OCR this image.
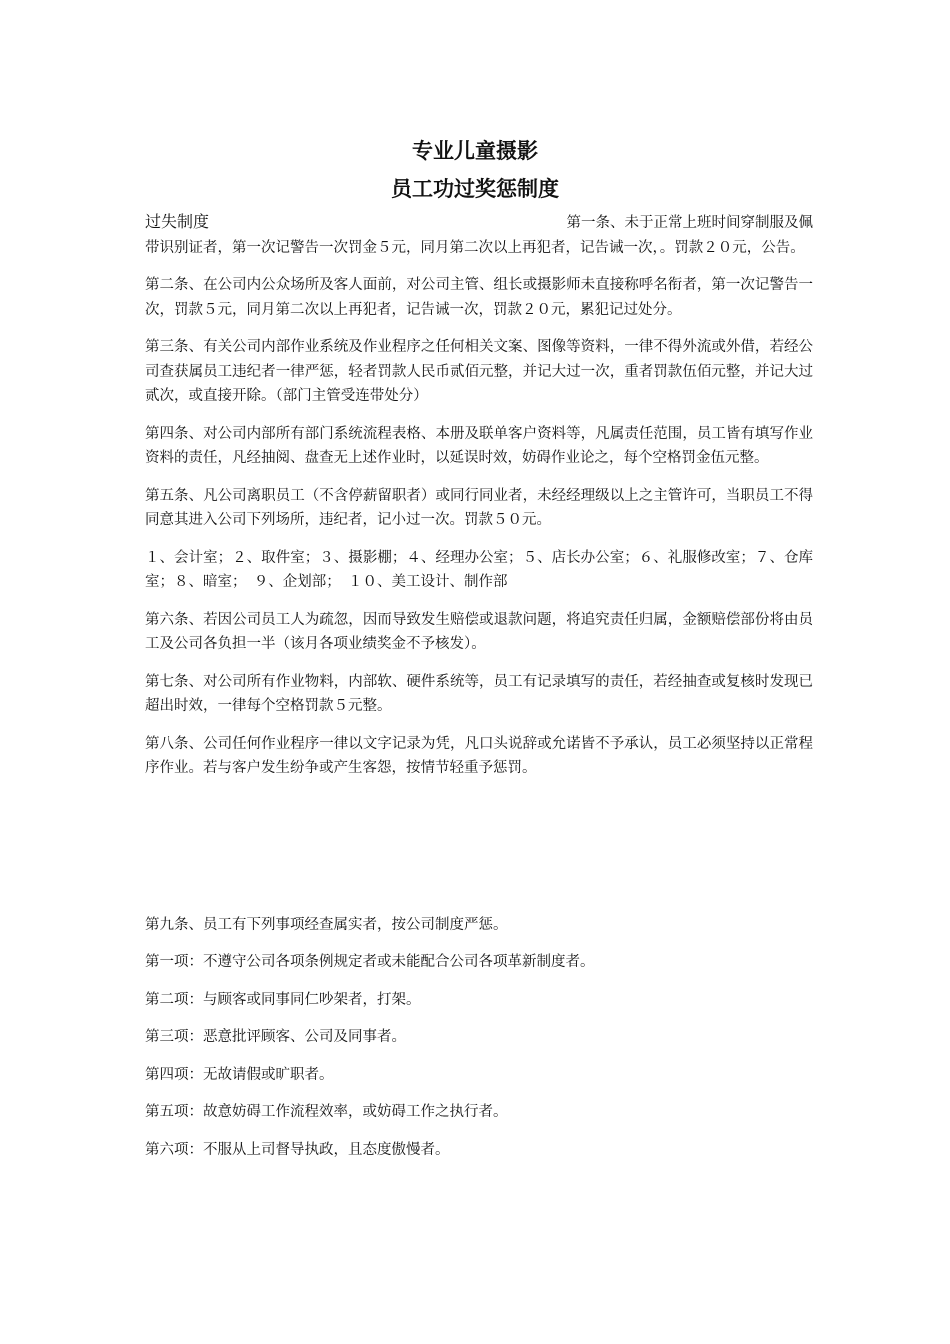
专业儿童摄影
员工功过奖惩制度
过失制度	第一条、未于正常上班时间穿制服及佩
带识别证者，第一次记警告一次罚金５元，同月第二次以上再犯者，记告诫一次，。罚款２０元，公告。

第二条、在公司内公众场所及客人面前，对公司主管、组长或摄影师未直接称呼名衔者，第一次记警告一次，罚款５元，同月第二次以上再犯者，记告诫一次，罚款２０元，累犯记过处分。

第三条、有关公司内部作业系统及作业程序之任何相关文案、图像等资料，一律不得外流或外借，若经公司查获属员工违纪者一律严惩，轻者罚款人民币贰佰元整，并记大过一次，重者罚款伍佰元整，并记大过贰次，或直接开除。（部门主管受连带处分）

第四条、对公司内部所有部门系统流程表格、本册及联单客户资料等，凡属责任范围，员工皆有填写作业资料的责任，凡经抽阅、盘查无上述作业时，以延误时效，妨碍作业论之，每个空格罚金伍元整。

第五条、凡公司离职员工（不含停薪留职者）或同行同业者，未经经理级以上之主管许可，当职员工不得同意其进入公司下列场所，违纪者，记小过一次。罚款５０元。

１、会计室；２、取件室；３、摄影棚；４、经理办公室；５、店长办公室；６、礼服修改室；７、仓库室；８、暗室；　９、企划部；　１０、美工设计、制作部

第六条、若因公司员工人为疏忽，因而导致发生赔偿或退款问题，将追究责任归属，金额赔偿部份将由员工及公司各负担一半（该月各项业绩奖金不予核发）。

第七条、对公司所有作业物料，内部软、硬件系统等，员工有记录填写的责任，若经抽查或复核时发现已超出时效，一律每个空格罚款５元整。

第八条、公司任何作业程序一律以文字记录为凭，凡口头说辞或允诺皆不予承认，员工必须坚持以正常程序作业。若与客户发生纷争或产生客怨，按情节轻重予惩罚。

第九条、员工有下列事项经查属实者，按公司制度严惩。

第一项：不遵守公司各项条例规定者或未能配合公司各项革新制度者。

第二项：与顾客或同事同仁吵架者，打架。

第三项：恶意批评顾客、公司及同事者。

第四项：无故请假或旷职者。

第五项：故意妨碍工作流程效率，或妨碍工作之执行者。

第六项：不服从上司督导执政，且态度傲慢者。
